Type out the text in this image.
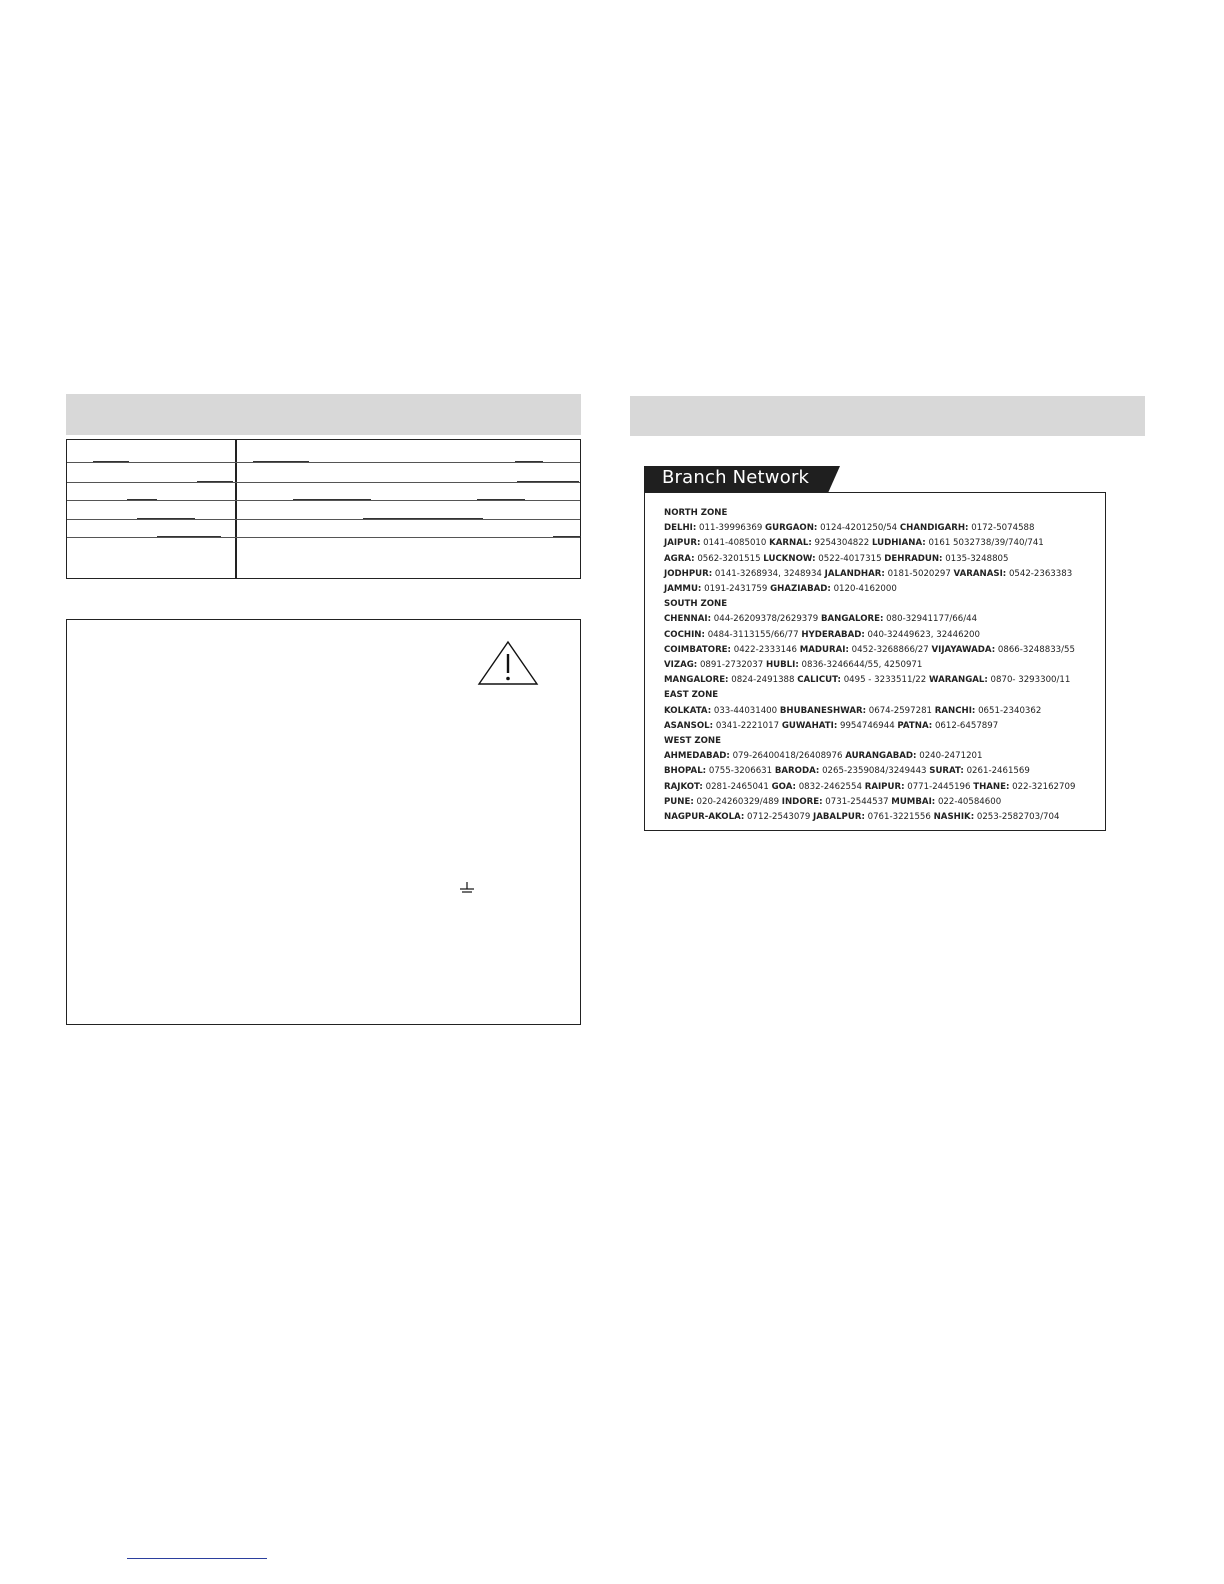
Branch Network
NORTH ZONE
DELHI: 011-39996369 GURGAON: 0124-4201250/54 CHANDIGARH: 0172-5074588
JAIPUR: 0141-4085010 KARNAL: 9254304822 LUDHIANA: 0161 5032738/39/740/741
AGRA: 0562-3201515 LUCKNOW: 0522-4017315 DEHRADUN: 0135-3248805
JODHPUR: 0141-3268934, 3248934 JALANDHAR: 0181-5020297 VARANASI: 0542-2363383
JAMMU: 0191-2431759 GHAZIABAD: 0120-4162000
SOUTH ZONE
CHENNAI: 044-26209378/2629379 BANGALORE: 080-32941177/66/44
COCHIN: 0484-3113155/66/77 HYDERABAD: 040-32449623, 32446200
COIMBATORE: 0422-2333146 MADURAI: 0452-3268866/27 VIJAYAWADA: 0866-3248833/55
VIZAG: 0891-2732037 HUBLI: 0836-3246644/55, 4250971
MANGALORE: 0824-2491388 CALICUT: 0495 - 3233511/22 WARANGAL: 0870- 3293300/11
EAST ZONE
KOLKATA: 033-44031400 BHUBANESHWAR: 0674-2597281 RANCHI: 0651-2340362
ASANSOL: 0341-2221017 GUWAHATI: 9954746944 PATNA: 0612-6457897
WEST ZONE
AHMEDABAD: 079-26400418/26408976 AURANGABAD: 0240-2471201
BHOPAL: 0755-3206631 BARODA: 0265-2359084/3249443 SURAT: 0261-2461569
RAJKOT: 0281-2465041 GOA: 0832-2462554 RAIPUR: 0771-2445196 THANE: 022-32162709
PUNE: 020-24260329/489 INDORE: 0731-2544537 MUMBAI: 022-40584600
NAGPUR-AKOLA: 0712-2543079 JABALPUR: 0761-3221556 NASHIK: 0253-2582703/704
